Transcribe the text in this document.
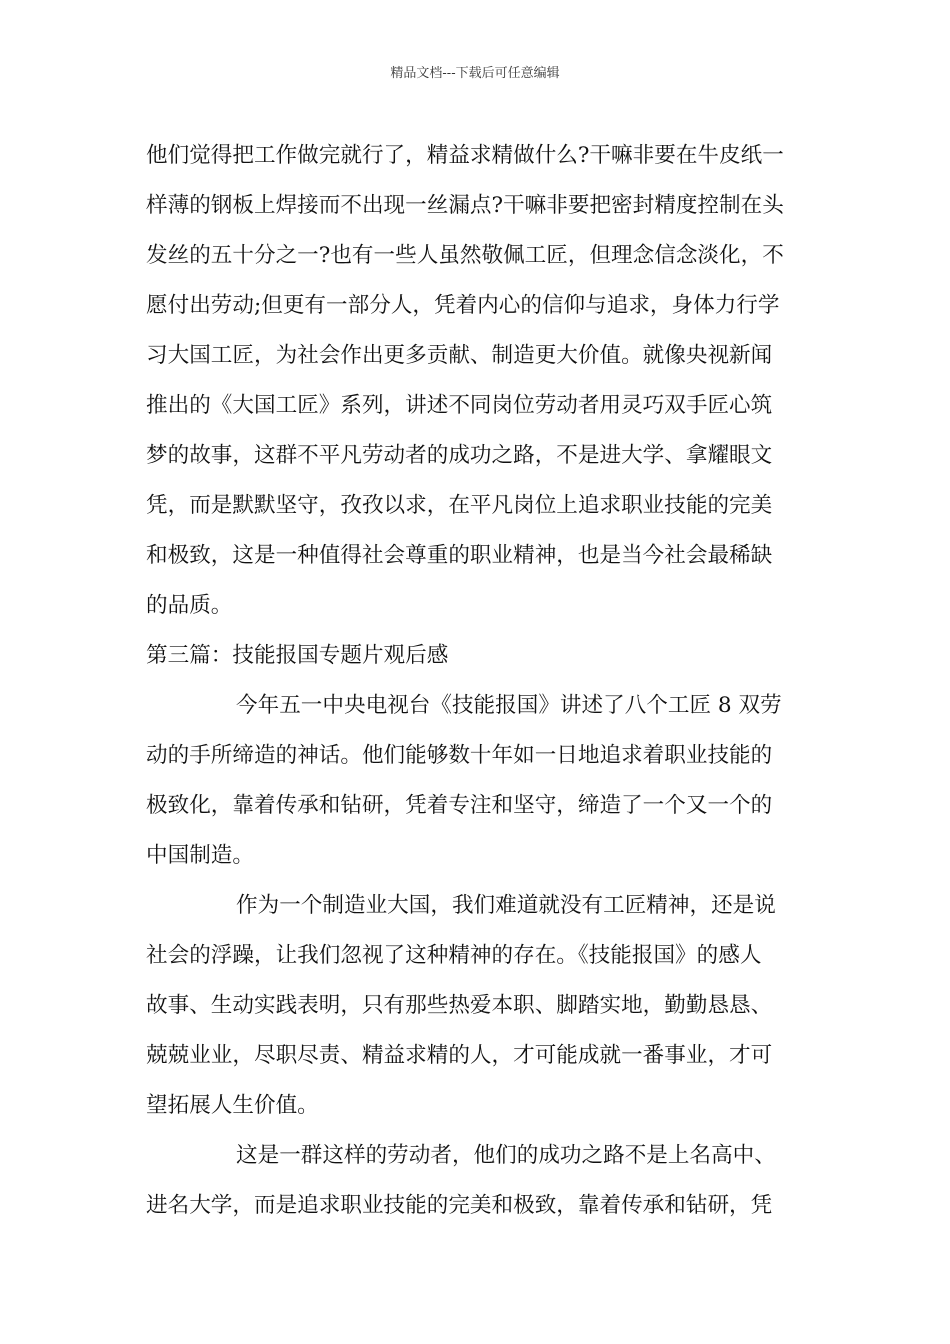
精品文档---下载后可任意编辑
他们觉得把工作做完就行了，精益求精做什么?干嘛非要在牛皮纸一
样薄的钢板上焊接而不出现一丝漏点?干嘛非要把密封精度控制在头
发丝的五十分之一?也有一些人虽然敬佩工匠，但理念信念淡化，不
愿付出劳动;但更有一部分人，凭着内心的信仰与追求，身体力行学
习大国工匠，为社会作出更多贡献、制造更大价值。就像央视新闻
推出的《大国工匠》系列，讲述不同岗位劳动者用灵巧双手匠心筑
梦的故事，这群不平凡劳动者的成功之路，不是进大学、拿耀眼文
凭，而是默默坚守，孜孜以求，在平凡岗位上追求职业技能的完美
和极致，这是一种值得社会尊重的职业精神，也是当今社会最稀缺
的品质。
第三篇：技能报国专题片观后感
今年五一中央电视台《技能报国》讲述了八个工匠 8 双劳
动的手所缔造的神话。他们能够数十年如一日地追求着职业技能的
极致化，靠着传承和钻研，凭着专注和坚守，缔造了一个又一个的
中国制造。
作为一个制造业大国，我们难道就没有工匠精神，还是说
社会的浮躁，让我们忽视了这种精神的存在。《技能报国》的感人
故事、生动实践表明，只有那些热爱本职、脚踏实地，勤勤恳恳、
兢兢业业，尽职尽责、精益求精的人，才可能成就一番事业，才可
望拓展人生价值。
这是一群这样的劳动者，他们的成功之路不是上名高中、
进名大学，而是追求职业技能的完美和极致，靠着传承和钻研，凭
